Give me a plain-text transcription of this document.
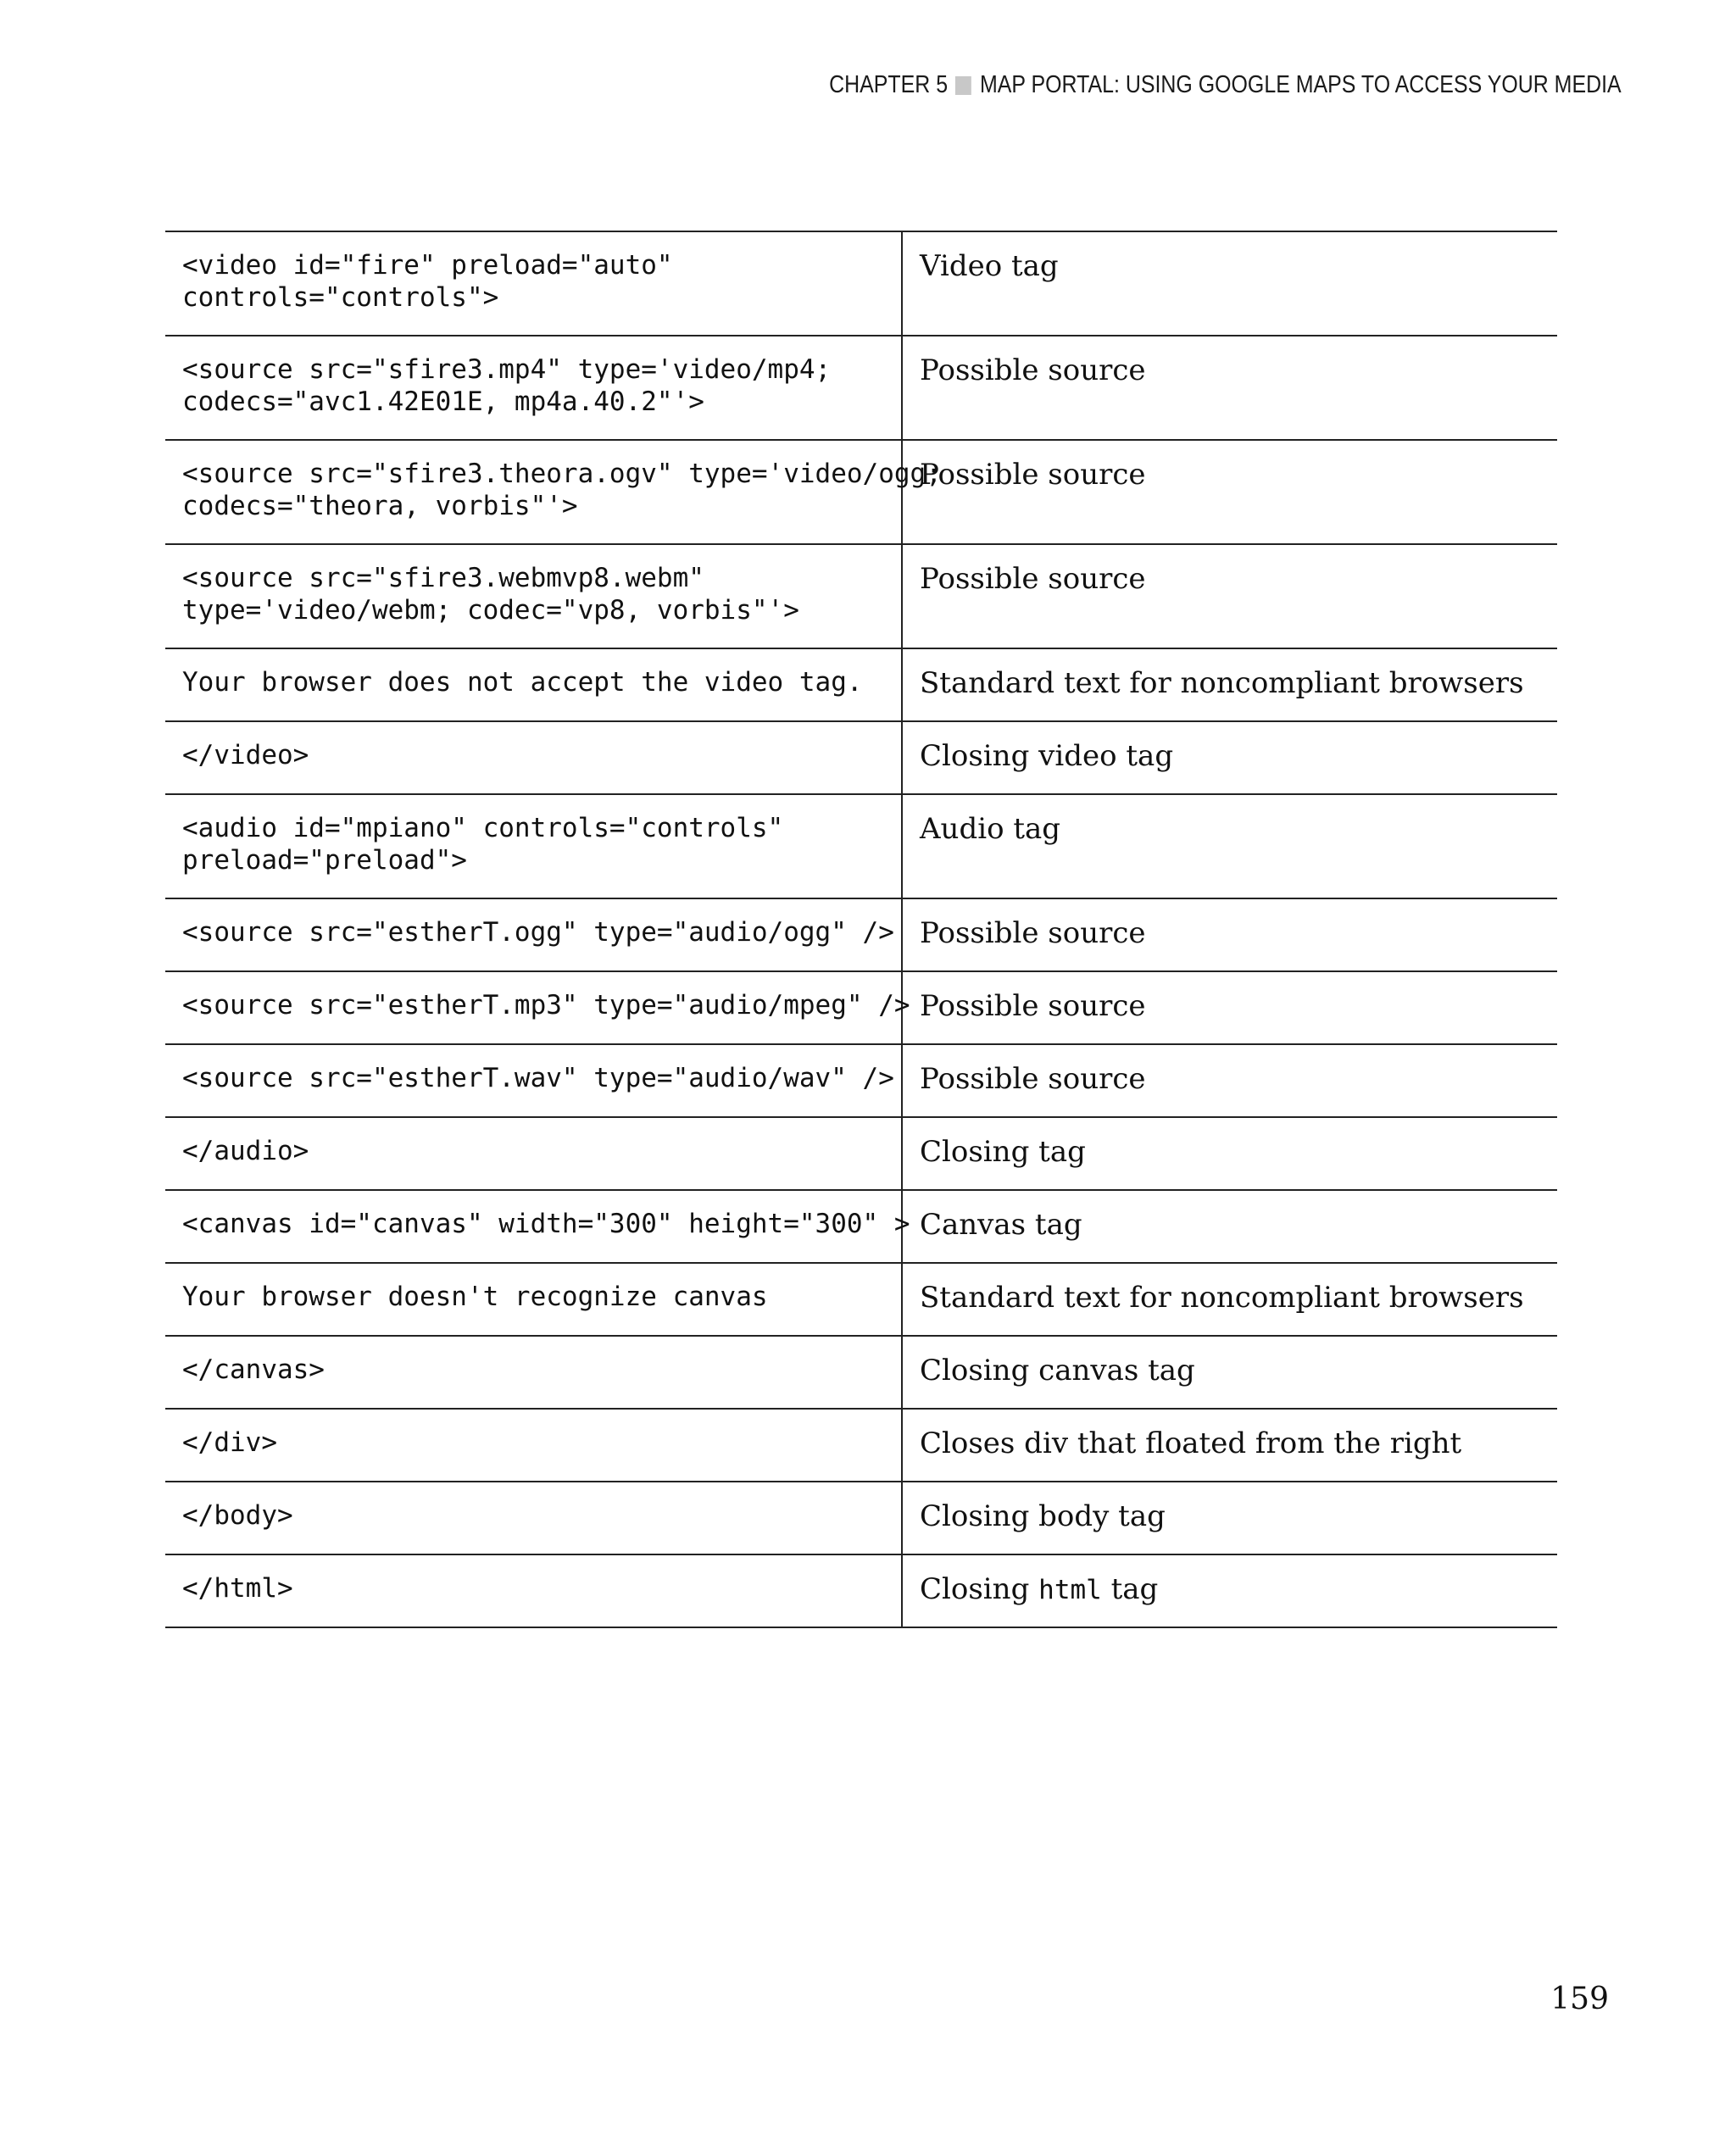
CHAPTER 5 MAP PORTAL: USING GOOGLE MAPS TO ACCESS YOUR MEDIA
<video id="fire" preload="auto"
controls="controls">	Video tag
<source src="sfire3.mp4" type='video/mp4;
codecs="avc1.42E01E, mp4a.40.2"'>	Possible source
<source src="sfire3.theora.ogv" type='video/ogg;
codecs="theora, vorbis"'>	Possible source
<source src="sfire3.webmvp8.webm"
type='video/webm; codec="vp8, vorbis"'>	Possible source
Your browser does not accept the video tag.	Standard text for noncompliant browsers
</video>	Closing video tag
<audio id="mpiano" controls="controls"
preload="preload">	Audio tag
<source src="estherT.ogg" type="audio/ogg" />	Possible source
<source src="estherT.mp3" type="audio/mpeg" />	Possible source
<source src="estherT.wav" type="audio/wav" />	Possible source
</audio>	Closing tag
<canvas id="canvas" width="300" height="300" >	Canvas tag
Your browser doesn't recognize canvas	Standard text for noncompliant browsers
</canvas>	Closing canvas tag
</div>	Closes div that floated from the right
</body>	Closing body tag
</html>	Closing html tag
159
